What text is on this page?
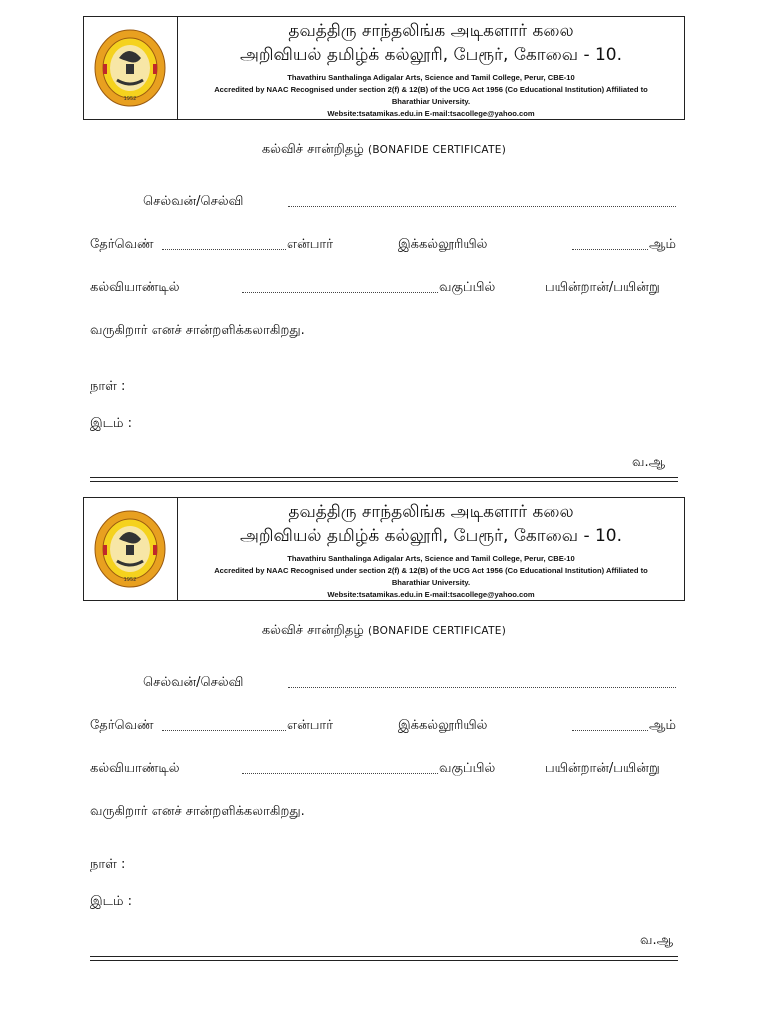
1952
தவத்திரு சாந்தலிங்க அடிகளார் கலை
அறிவியல் தமிழ்க் கல்லூரி, பேரூர், கோவை - 10.
Thavathiru Santhalinga Adigalar Arts, Science and Tamil College, Perur, CBE-10
Accredited by NAAC Recognised under section 2(f) & 12(B) of the UCG Act 1956 (Co Educational Institution) Affiliated to
Bharathiar University.
Website:tsatamikas.edu.in E-mail:tsacollege@yahoo.com
கல்விச் சான்றிதழ் (BONAFIDE CERTIFICATE)
செல்வன்/செல்வி
தேர்வெண்	என்பார்	இக்கல்லூரியில்	ஆம்
கல்வியாண்டில்	வகுப்பில்	பயின்றான்/பயின்று
வருகிறார் எனச் சான்றளிக்கலாகிறது.
நாள் :
இடம் :
வ.ஆ
1952
தவத்திரு சாந்தலிங்க அடிகளார் கலை
அறிவியல் தமிழ்க் கல்லூரி, பேரூர், கோவை - 10.
Thavathiru Santhalinga Adigalar Arts, Science and Tamil College, Perur, CBE-10
Accredited by NAAC Recognised under section 2(f) & 12(B) of the UCG Act 1956 (Co Educational Institution) Affiliated to
Bharathiar University.
Website:tsatamikas.edu.in E-mail:tsacollege@yahoo.com
கல்விச் சான்றிதழ் (BONAFIDE CERTIFICATE)
செல்வன்/செல்வி
தேர்வெண்	என்பார்	இக்கல்லூரியில்	ஆம்
கல்வியாண்டில்	வகுப்பில்	பயின்றான்/பயின்று
வருகிறார் எனச் சான்றளிக்கலாகிறது.
நாள் :
இடம் :
வ.ஆ
